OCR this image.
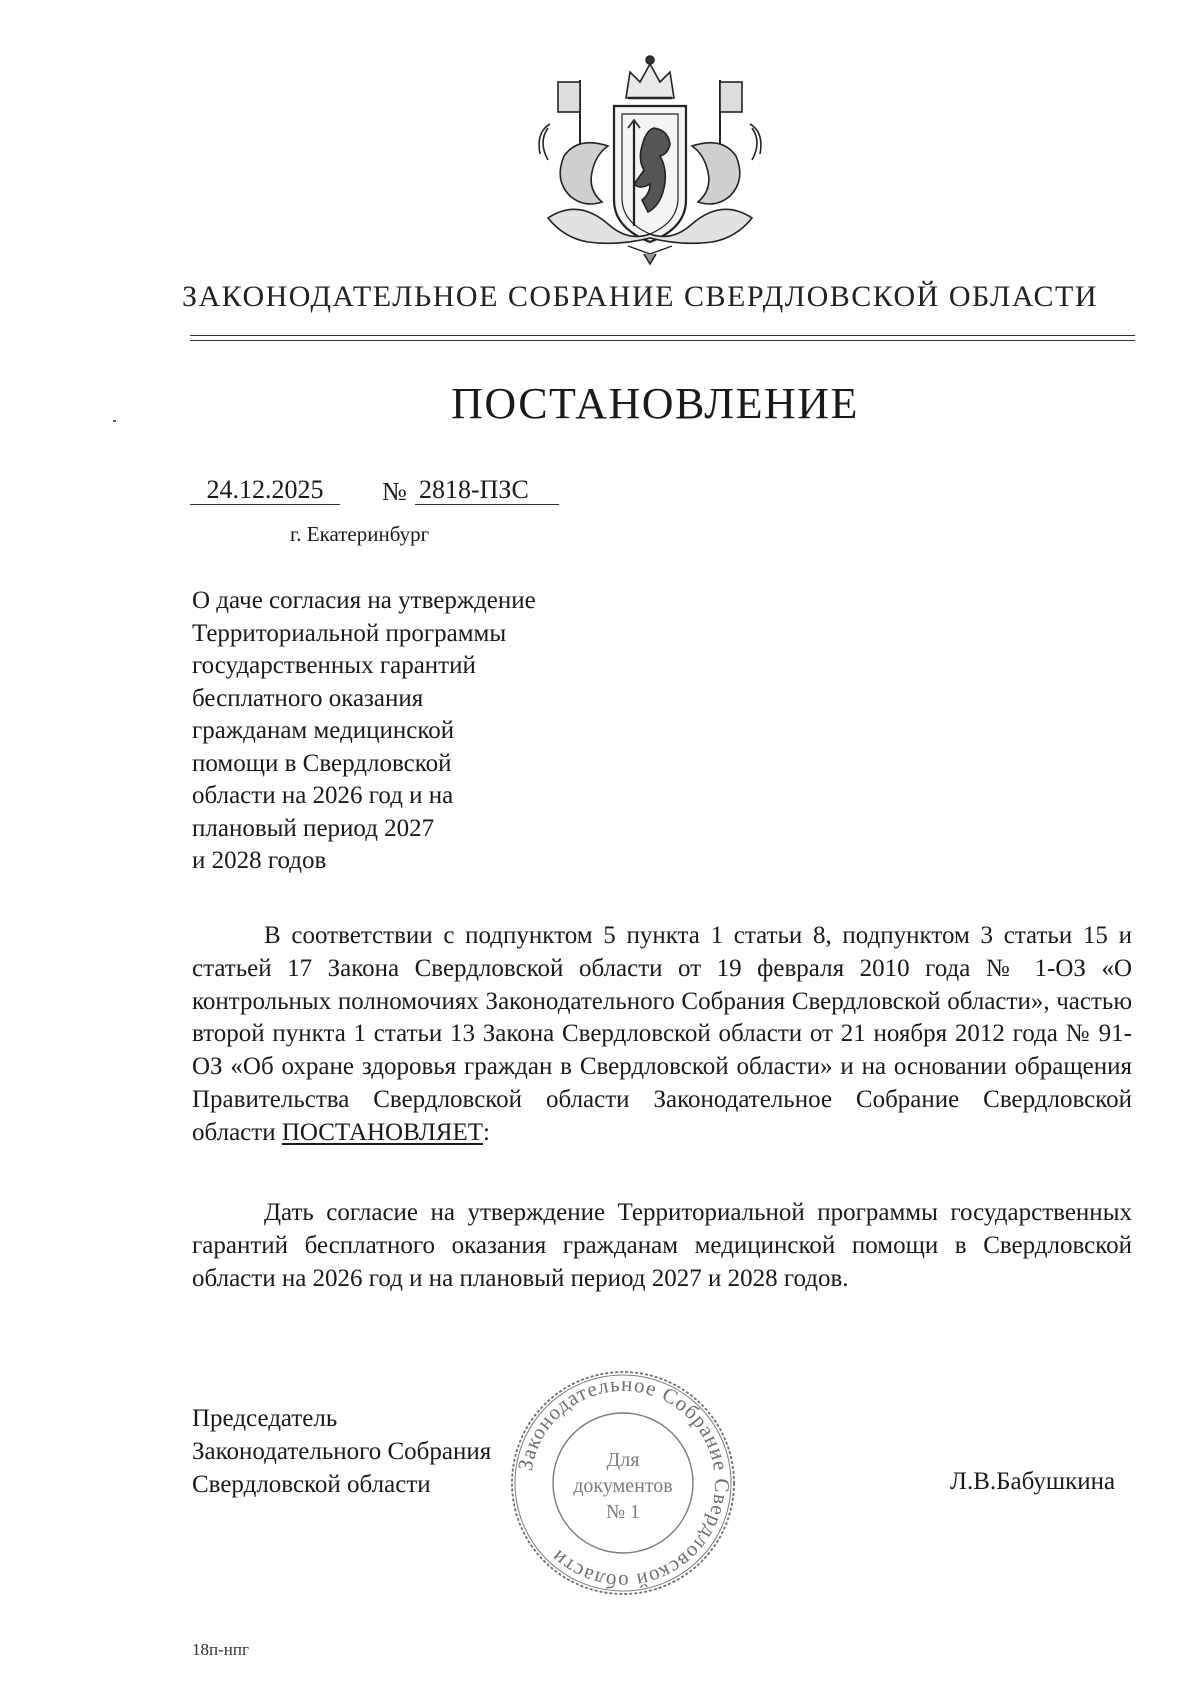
ЗАКОНОДАТЕЛЬНОЕ СОБРАНИЕ СВЕРДЛОВСКОЙ ОБЛАСТИ
ПОСТАНОВЛЕНИЕ
24.12.2025	№ 2818-ПЗС
г. Екатеринбург
О даче согласия на утверждение
Территориальной программы
государственных гарантий
бесплатного оказания
гражданам медицинской
помощи в Свердловской
области на 2026 год и на
плановый период 2027
и 2028 годов
В соответствии с подпунктом 5 пункта 1 статьи 8, подпунктом 3 статьи 15 и статьей 17 Закона Свердловской области от 19 февраля 2010 года № 1-ОЗ «О контрольных полномочиях Законодательного Собрания Свердловской области», частью второй пункта 1 статьи 13 Закона Свердловской области от 21 ноября 2012 года № 91-ОЗ «Об охране здоровья граждан в Свердловской области» и на основании обращения Правительства Свердловской области Законодательное Собрание Свердловской области ПОСТАНОВЛЯЕТ:
Дать согласие на утверждение Территориальной программы государственных гарантий бесплатного оказания гражданам медицинской помощи в Свердловской области на 2026 год и на плановый период 2027 и 2028 годов.
Председатель
Законодательного Собрания
Свердловской области
Законодательное Собрание Свердловской области
Для
документов
№ 1
Л.В.Бабушкина
18п-нпг
